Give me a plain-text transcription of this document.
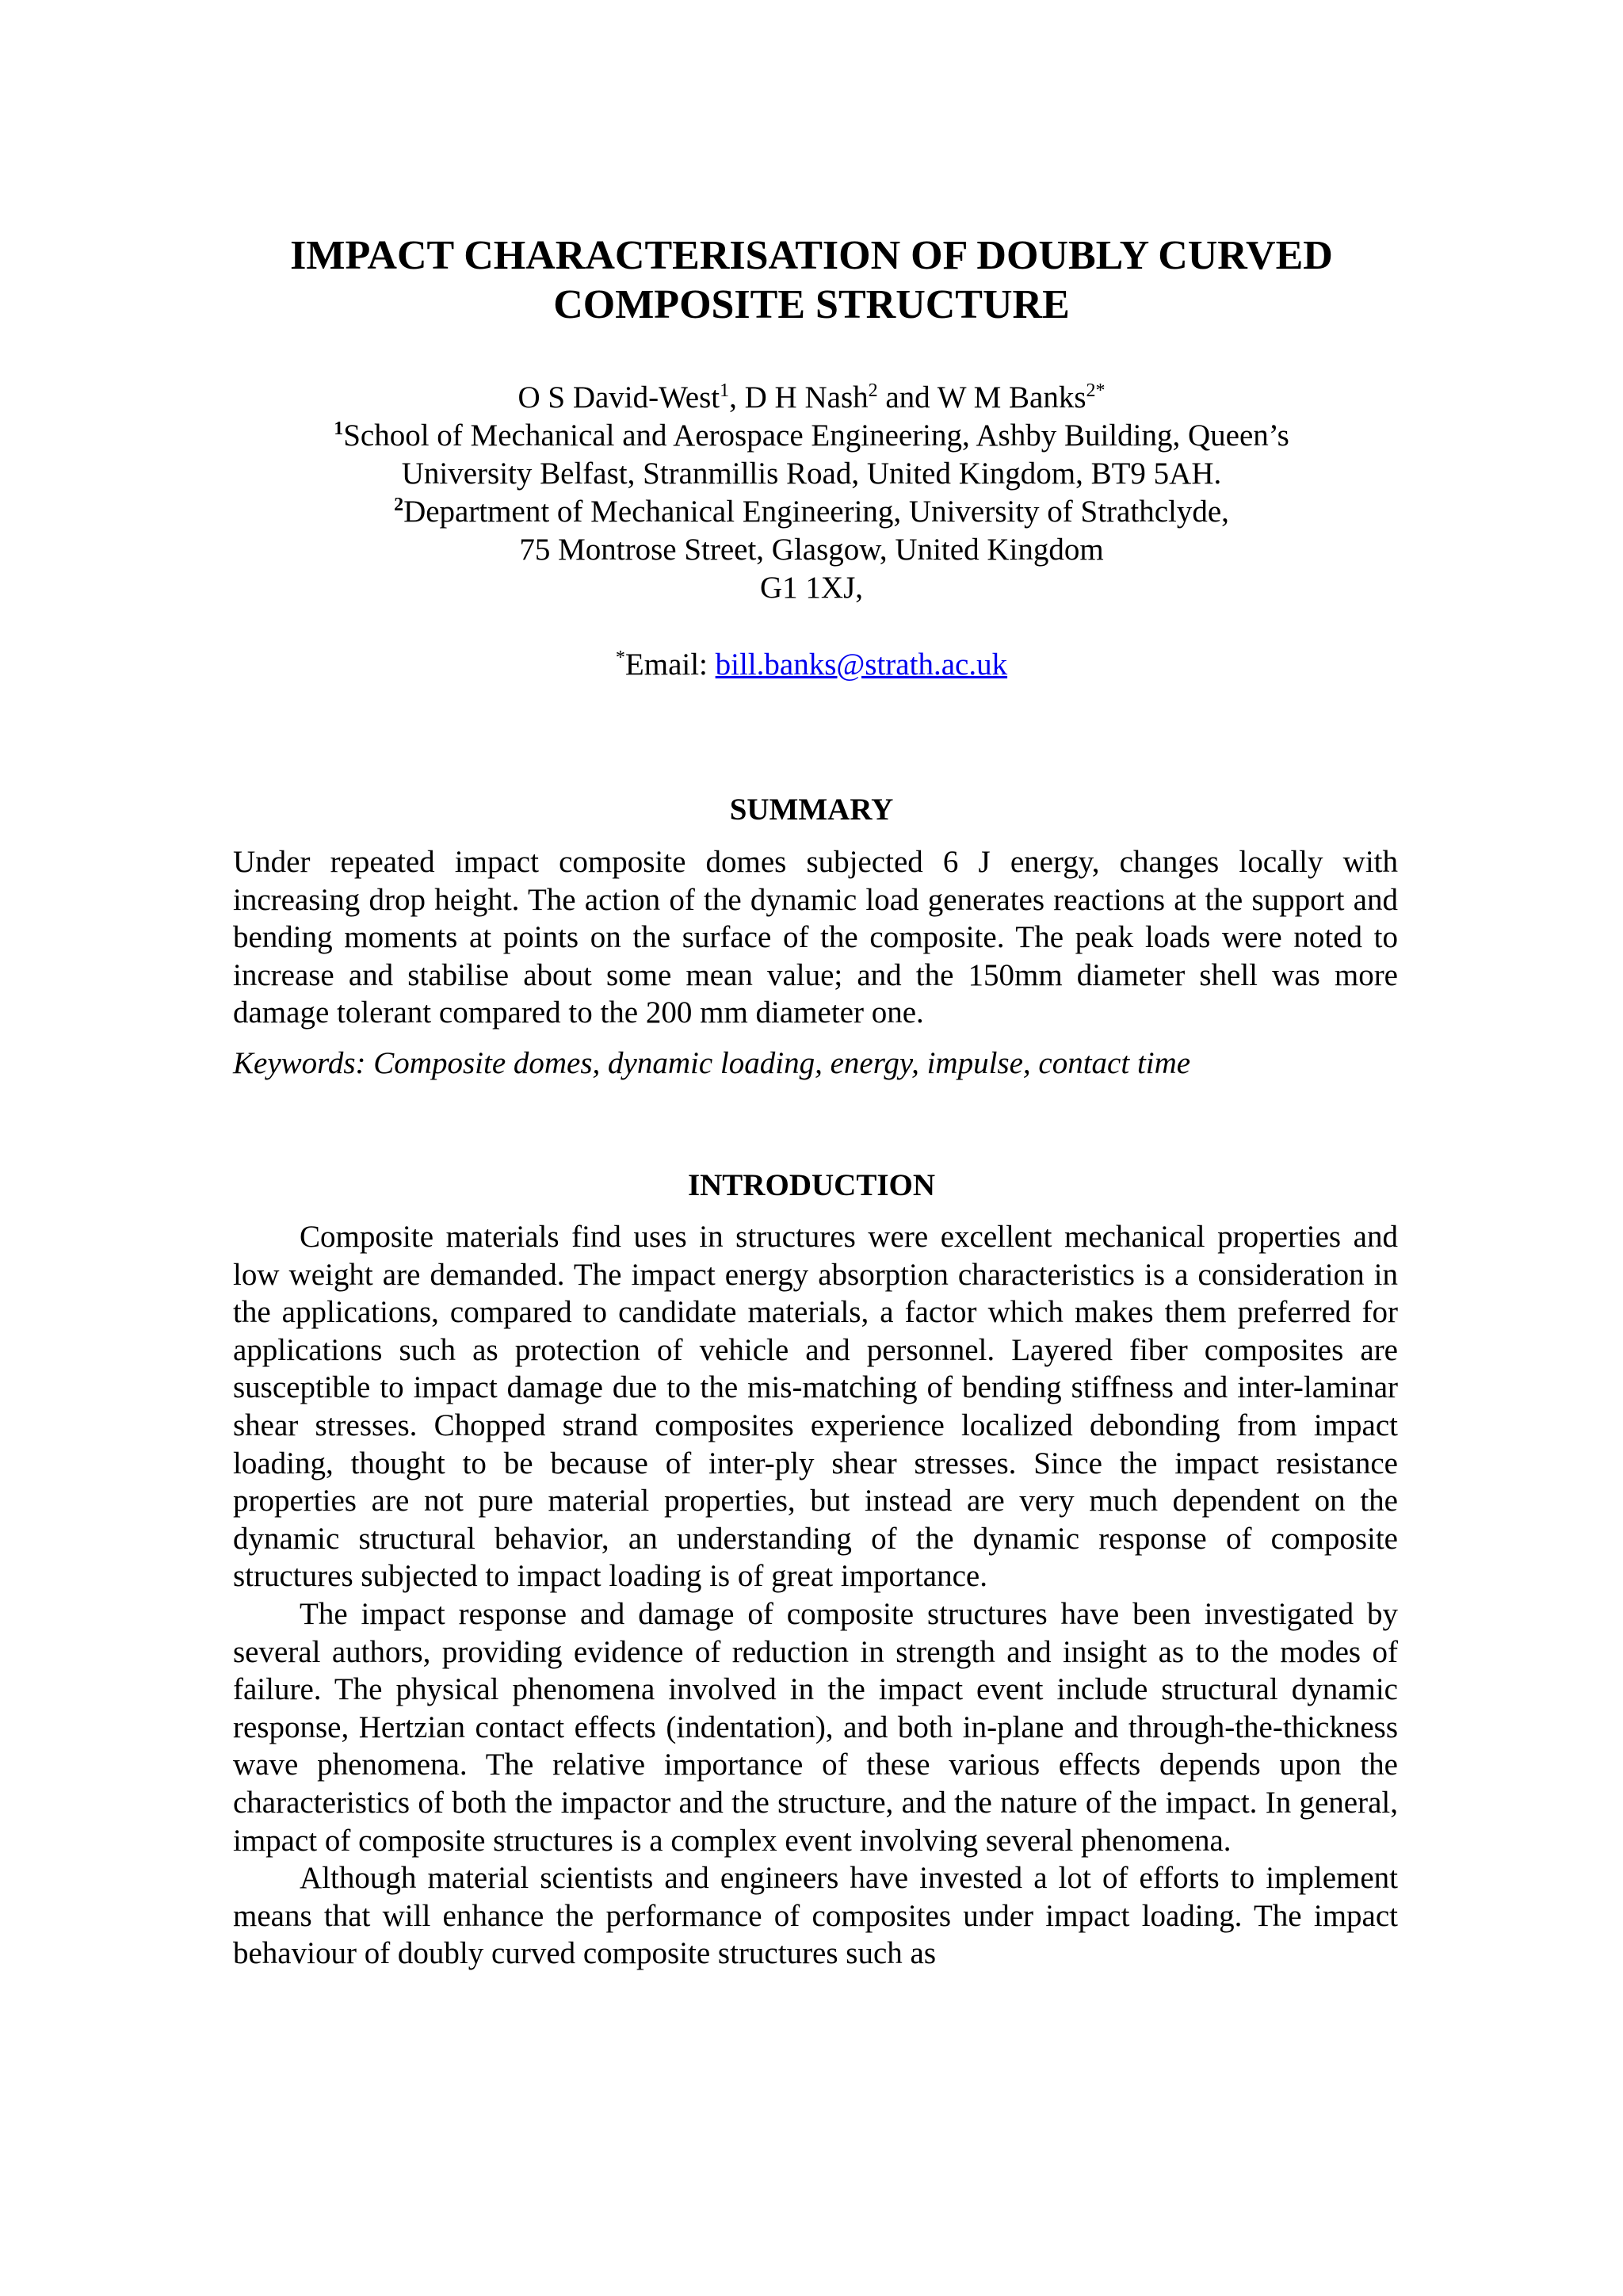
IMPACT CHARACTERISATION OF DOUBLY CURVED
COMPOSITE STRUCTURE
O S David-West$^1$, D H Nash$^2$ and W M Banks$^{2*}$
$^1$School of Mechanical and Aerospace Engineering, Ashby Building, Queen’s
University Belfast, Stranmillis Road, United Kingdom, BT9 5AH.
$^2$Department of Mechanical Engineering, University of Strathclyde,
75 Montrose Street, Glasgow, United Kingdom
G1 1XJ,
*Email: bill.banks@strath.ac.uk
SUMMARY

Under repeated impact composite domes subjected 6 J energy, changes locally with increasing drop height. The action of the dynamic load generates reactions at the support and bending moments at points on the surface of the composite. The peak loads were noted to increase and stabilise about some mean value; and the 150mm diameter shell was more damage tolerant compared to the 200 mm diameter one.

Keywords: Composite domes, dynamic loading, energy, impulse, contact time
INTRODUCTION

Composite materials find uses in structures were excellent mechanical properties and low weight are demanded. The impact energy absorption characteristics is a consideration in the applications, compared to candidate materials, a factor which makes them preferred for applications such as protection of vehicle and personnel. Layered fiber composites are susceptible to impact damage due to the mis-matching of bending stiffness and inter-laminar shear stresses. Chopped strand composites experience localized debonding from impact loading, thought to be because of inter-ply shear stresses. Since the impact resistance properties are not pure material properties, but instead are very much dependent on the dynamic structural behavior, an understanding of the dynamic response of composite structures subjected to impact loading is of great importance.

The impact response and damage of composite structures have been investigated by several authors, providing evidence of reduction in strength and insight as to the modes of failure. The physical phenomena involved in the impact event include structural dynamic response, Hertzian contact effects (indentation), and both in-plane and through-the-thickness wave phenomena. The relative importance of these various effects depends upon the characteristics of both the impactor and the structure, and the nature of the impact. In general, impact of composite structures is a complex event involving several phenomena.

Although material scientists and engineers have invested a lot of efforts to implement means that will enhance the performance of composites under impact loading. The impact behaviour of doubly curved composite structures such as
